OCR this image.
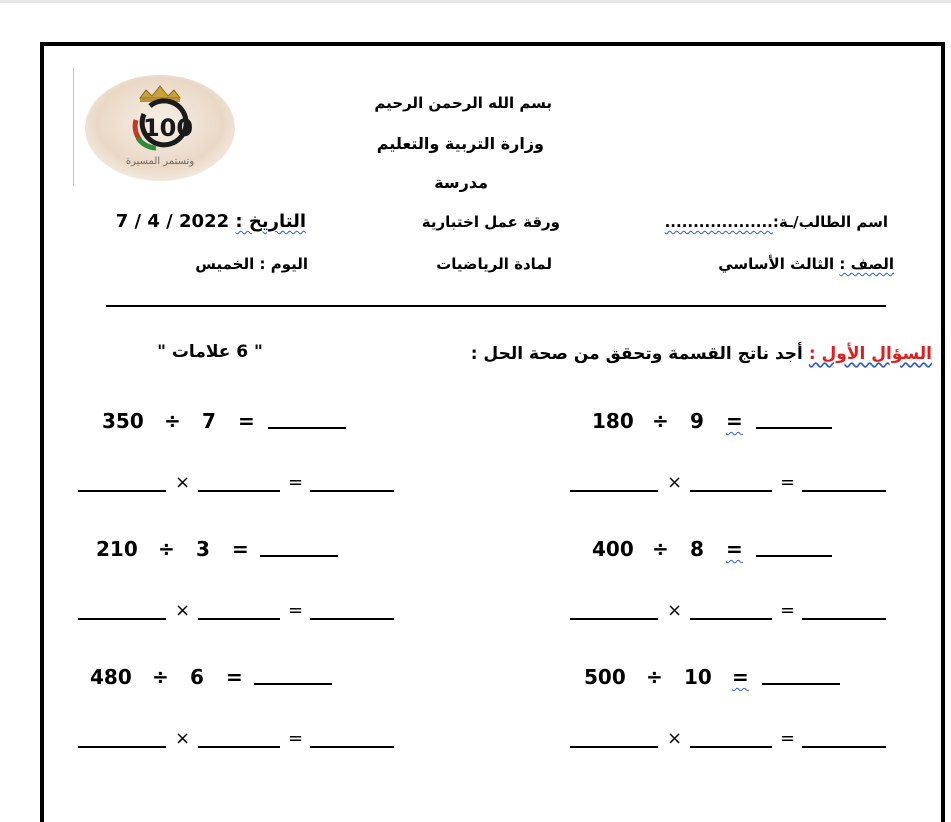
100
وتستمر المسيرة
بسم الله الرحمن الرحيم
وزارة التربية والتعليم
مدرسة
اسم الطالب/ـة:...................
ورقة عمل اختبارية
التاريخ : 7 / 4 / 2022
الصف : الثالث الأساسي
لمادة الرياضيات
اليوم : الخميس
السؤال الأول : أجد ناتج القسمة وتحقق من صحة الحل :
" 6 علامات "
180 ÷ 9 =
400 ÷ 8 =
500 ÷ 10 =
350 ÷ 7 =
210 ÷ 3 =
480 ÷ 6 =
×	=
×	=
×	=
×	=
×	=
×	=
